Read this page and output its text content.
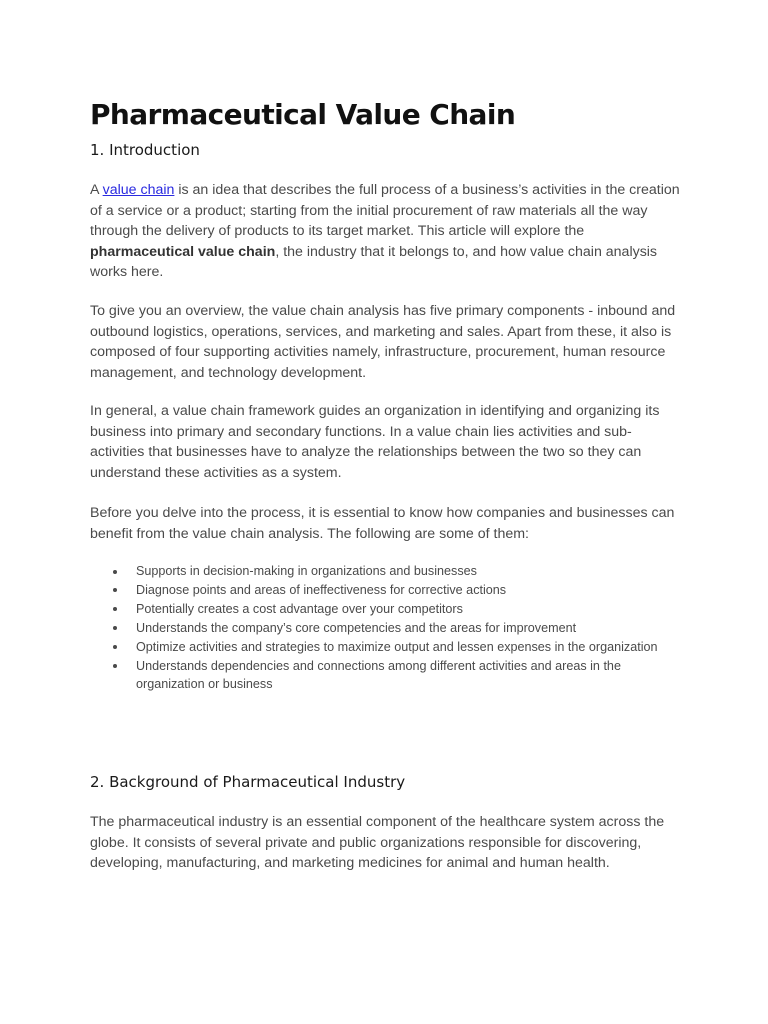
Pharmaceutical Value Chain
1. Introduction

A value chain is an idea that describes the full process of a business’s activities in the creation of a service or a product; starting from the initial procurement of raw materials all the way through the delivery of products to its target market. This article will explore the pharmaceutical value chain, the industry that it belongs to, and how value chain analysis works here.

To give you an overview, the value chain analysis has five primary components - inbound and outbound logistics, operations, services, and marketing and sales. Apart from these, it also is composed of four supporting activities namely, infrastructure, procurement, human resource management, and technology development.

In general, a value chain framework guides an organization in identifying and organizing its business into primary and secondary functions. In a value chain lies activities and sub-activities that businesses have to analyze the relationships between the two so they can understand these activities as a system.

Before you delve into the process, it is essential to know how companies and businesses can benefit from the value chain analysis. The following are some of them:

Supports in decision-making in organizations and businesses
Diagnose points and areas of ineffectiveness for corrective actions
Potentially creates a cost advantage over your competitors
Understands the company’s core competencies and the areas for improvement
Optimize activities and strategies to maximize output and lessen expenses in the organization
Understands dependencies and connections among different activities and areas in the organization or business
2. Background of Pharmaceutical Industry

The pharmaceutical industry is an essential component of the healthcare system across the globe. It consists of several private and public organizations responsible for discovering, developing, manufacturing, and marketing medicines for animal and human health.
